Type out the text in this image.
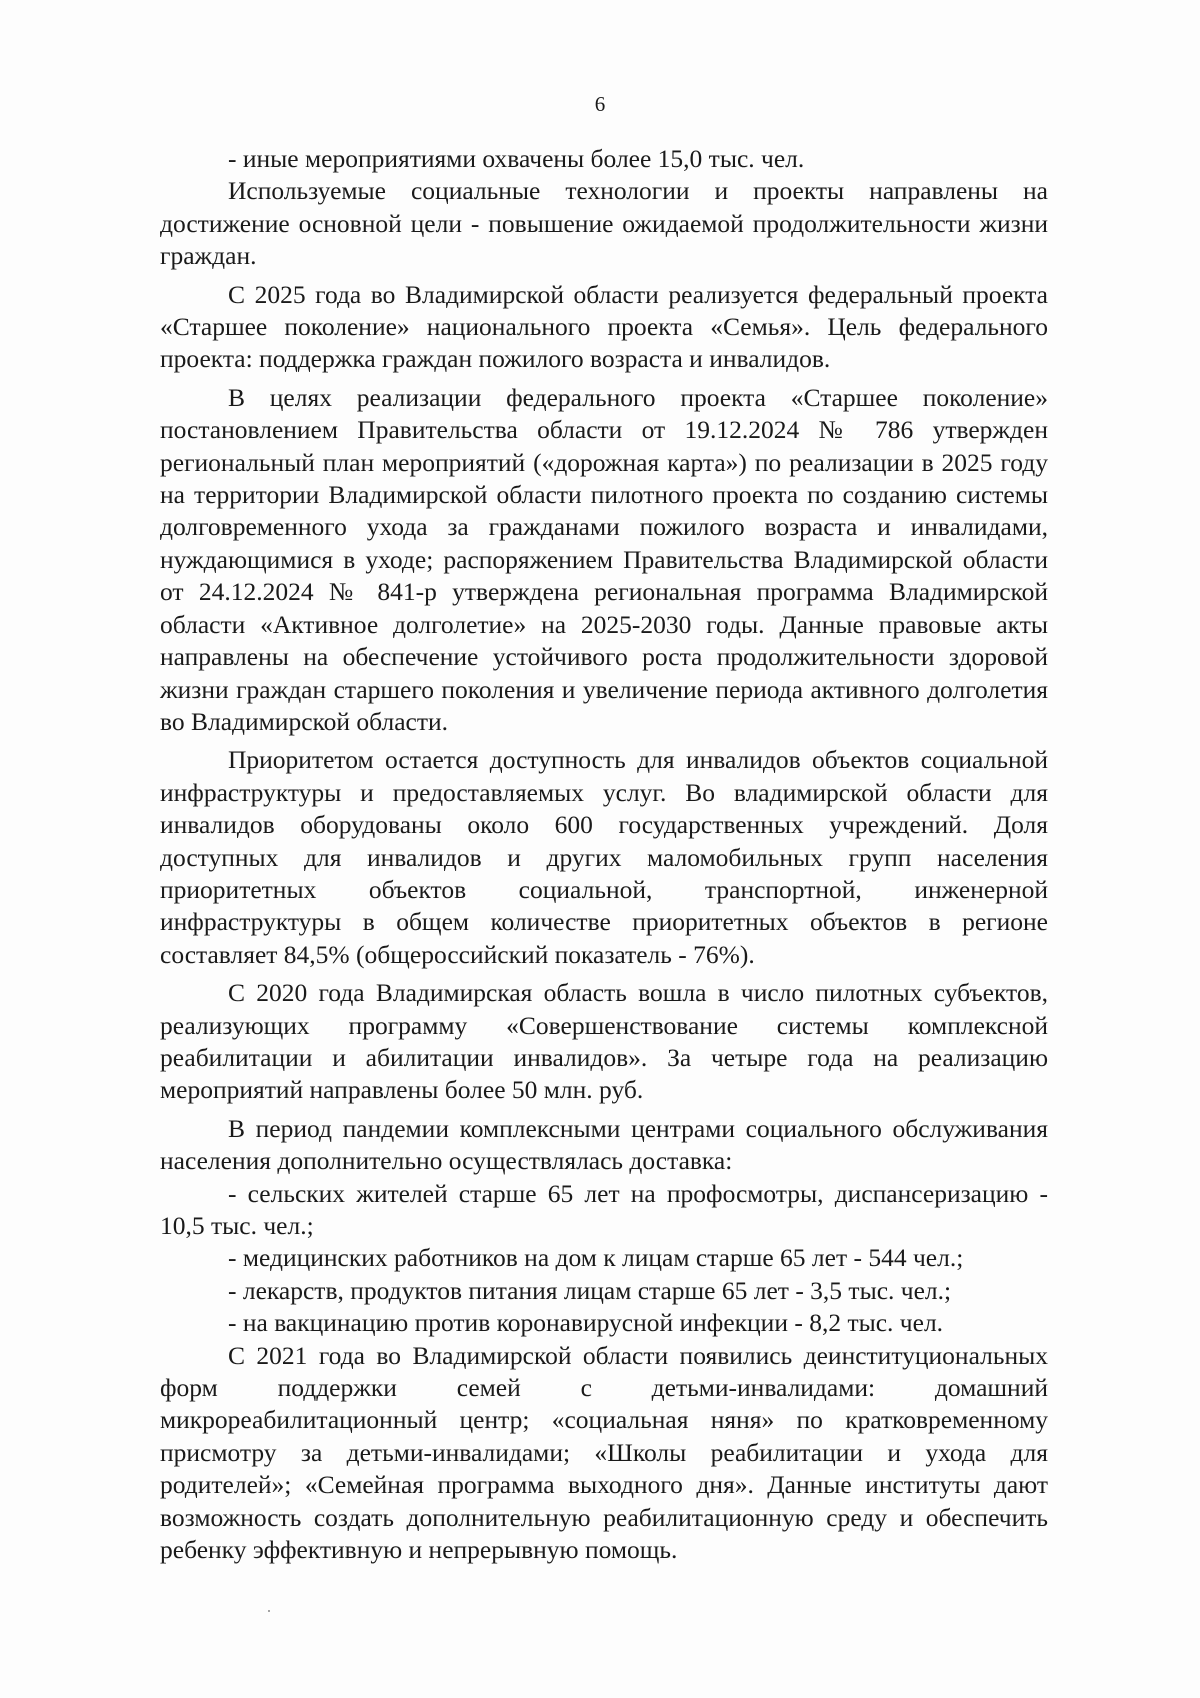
6

- иные мероприятиями охвачены более 15,0 тыс. чел.

Используемые социальные технологии и проекты направлены на достижение основной цели - повышение ожидаемой продолжительности жизни граждан.

С 2025 года во Владимирской области реализуется федеральный проекта «Старшее поколение» национального проекта «Семья». Цель федерального проекта: поддержка граждан пожилого возраста и инвалидов.

В целях реализации федерального проекта «Старшее поколение» постановлением Правительства области от 19.12.2024 № 786 утвержден региональный план мероприятий («дорожная карта») по реализации в 2025 году на территории Владимирской области пилотного проекта по созданию системы долговременного ухода за гражданами пожилого возраста и инвалидами, нуждающимися в уходе; распоряжением Правительства Владимирской области от 24.12.2024 № 841-р утверждена региональная программа Владимирской области «Активное долголетие» на 2025-2030 годы. Данные правовые акты направлены на обеспечение устойчивого роста продолжительности здоровой жизни граждан старшего поколения и увеличение периода активного долголетия во Владимирской области.

Приоритетом остается доступность для инвалидов объектов социальной инфраструктуры и предоставляемых услуг. Во владимирской области для инвалидов оборудованы около 600 государственных учреждений. Доля доступных для инвалидов и других маломобильных групп населения приоритетных объектов социальной, транспортной, инженерной инфраструктуры в общем количестве приоритетных объектов в регионе составляет 84,5% (общероссийский показатель - 76%).

С 2020 года Владимирская область вошла в число пилотных субъектов, реализующих программу «Совершенствование системы комплексной реабилитации и абилитации инвалидов». За четыре года на реализацию мероприятий направлены более 50 млн. руб.

В период пандемии комплексными центрами социального обслуживания населения дополнительно осуществлялась доставка:

- сельских жителей старше 65 лет на профосмотры, диспансеризацию - 10,5 тыс. чел.;

- медицинских работников на дом к лицам старше 65 лет - 544 чел.;

- лекарств, продуктов питания лицам старше 65 лет - 3,5 тыс. чел.;

- на вакцинацию против коронавирусной инфекции - 8,2 тыс. чел.

С 2021 года во Владимирской области появились деинституциональных форм поддержки семей с детьми-инвалидами: домашний микрореабилитационный центр; «социальная няня» по кратковременному присмотру за детьми-инвалидами; «Школы реабилитации и ухода для родителей»; «Семейная программа выходного дня». Данные институты дают возможность создать дополнительную реабилитационную среду и обеспечить ребенку эффективную и непрерывную помощь.
